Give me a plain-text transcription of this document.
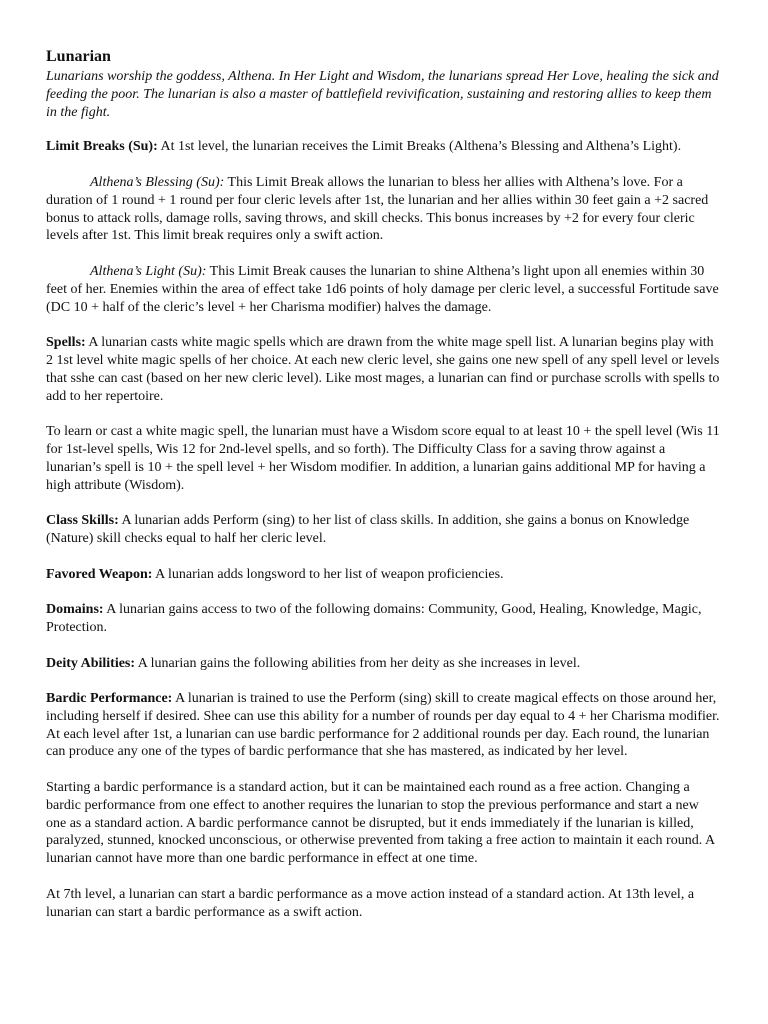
Lunarian

Lunarians worship the goddess, Althena. In Her Light and Wisdom, the lunarians spread Her Love, healing the sick and feeding the poor. The lunarian is also a master of battlefield revivification, sustaining and restoring allies to keep them in the fight.

Limit Breaks (Su): At 1st level, the lunarian receives the Limit Breaks (Althena’s Blessing and Althena’s Light).

Althena’s Blessing (Su): This Limit Break allows the lunarian to bless her allies with Althena’s love. For a duration of 1 round + 1 round per four cleric levels after 1st, the lunarian and her allies within 30 feet gain a +2 sacred bonus to attack rolls, damage rolls, saving throws, and skill checks. This bonus increases by +2 for every four cleric levels after 1st. This limit break requires only a swift action.

Althena’s Light (Su): This Limit Break causes the lunarian to shine Althena’s light upon all enemies within 30 feet of her. Enemies within the area of effect take 1d6 points of holy damage per cleric level, a successful Fortitude save (DC 10 + half of the cleric’s level + her Charisma modifier) halves the damage.

Spells: A lunarian casts white magic spells which are drawn from the white mage spell list. A lunarian begins play with 2 1st level white magic spells of her choice. At each new cleric level, she gains one new spell of any spell level or levels that sshe can cast (based on her new cleric level). Like most mages, a lunarian can find or purchase scrolls with spells to add to her repertoire.

To learn or cast a white magic spell, the lunarian must have a Wisdom score equal to at least 10 + the spell level (Wis 11 for 1st-level spells, Wis 12 for 2nd-level spells, and so forth). The Difficulty Class for a saving throw against a lunarian’s spell is 10 + the spell level + her Wisdom modifier. In addition, a lunarian gains additional MP for having a high attribute (Wisdom).

Class Skills: A lunarian adds Perform (sing) to her list of class skills. In addition, she gains a bonus on Knowledge (Nature) skill checks equal to half her cleric level.

Favored Weapon: A lunarian adds longsword to her list of weapon proficiencies.

Domains: A lunarian gains access to two of the following domains: Community, Good, Healing, Knowledge, Magic, Protection.

Deity Abilities: A lunarian gains the following abilities from her deity as she increases in level.

Bardic Performance: A lunarian is trained to use the Perform (sing) skill to create magical effects on those around her, including herself if desired. Shee can use this ability for a number of rounds per day equal to 4 + her Charisma modifier. At each level after 1st, a lunarian can use bardic performance for 2 additional rounds per day. Each round, the lunarian can produce any one of the types of bardic performance that she has mastered, as indicated by her level.

Starting a bardic performance is a standard action, but it can be maintained each round as a free action. Changing a bardic performance from one effect to another requires the lunarian to stop the previous performance and start a new one as a standard action. A bardic performance cannot be disrupted, but it ends immediately if the lunarian is killed, paralyzed, stunned, knocked unconscious, or otherwise prevented from taking a free action to maintain it each round. A lunarian cannot have more than one bardic performance in effect at one time.

At 7th level, a lunarian can start a bardic performance as a move action instead of a standard action. At 13th level, a lunarian can start a bardic performance as a swift action.
